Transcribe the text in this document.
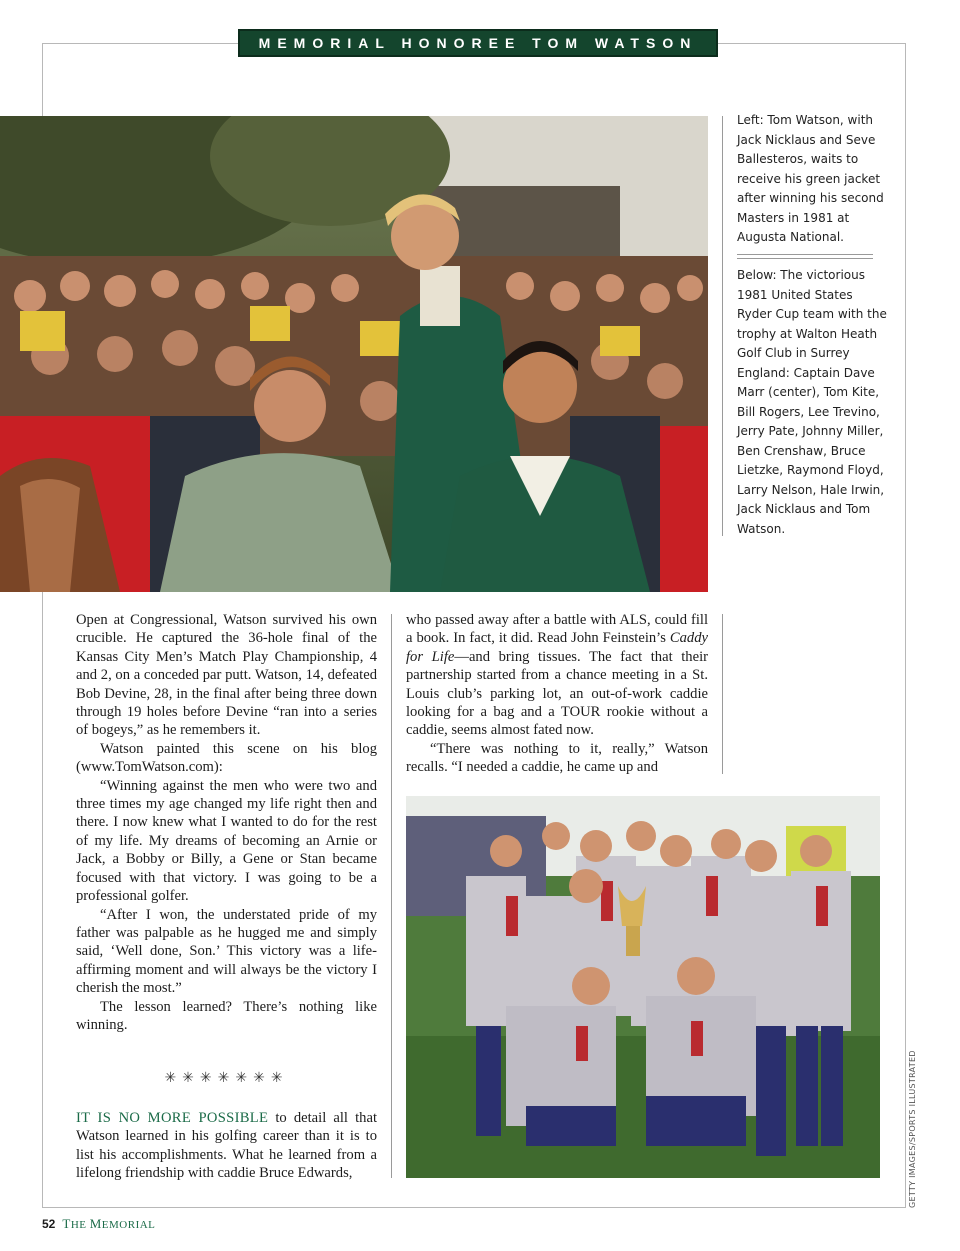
MEMORIAL HONOREE TOM WATSON
Left: Tom Watson, with Jack Nicklaus and Seve Ballesteros, waits to receive his green jacket after winning his second Masters in 1981 at Augusta National.
Below: The victorious 1981 United States Ryder Cup team with the trophy at Walton Heath Golf Club in Surrey England: Captain Dave Marr (center), Tom Kite, Bill Rogers, Lee Trevino, Jerry Pate, Johnny Miller, Ben Crenshaw, Bruce Lietzke, Raymond Floyd, Larry Nelson, Hale Irwin, Jack Nicklaus and Tom Watson.

Open at Congressional, Watson survived his own crucible. He captured the 36-hole final of the Kansas City Men’s Match Play Championship, 4 and 2, on a conceded par putt. Watson, 14, defeated Bob Devine, 28, in the final after being three down through 19 holes before Devine “ran into a series of bogeys,” as he remembers it.

Watson painted this scene on his blog (www.TomWatson.com):

“Winning against the men who were two and three times my age changed my life right then and there. I now knew what I wanted to do for the rest of my life. My dreams of becoming an Arnie or Jack, a Bobby or Billy, a Gene or Stan became focused with that victory. I was going to be a professional golfer.

“After I won, the understated pride of my father was palpable as he hugged me and simply said, ‘Well done, Son.’ This victory was a life-affirming moment and will always be the victory I cherish the most.”

The lesson learned? There’s nothing like winning.

✳✳✳✳✳✳✳

IT IS NO MORE POSSIBLE to detail all that Watson learned in his golfing career than it is to list his accomplishments. What he learned from a lifelong friendship with caddie Bruce Edwards,

who passed away after a battle with ALS, could fill a book. In fact, it did. Read John Feinstein’s Caddy for Life—and bring tissues. The fact that their partnership started from a chance meeting in a St. Louis club’s parking lot, an out-of-work caddie looking for a bag and a TOUR rookie without a caddie, seems almost fated now.

“There was nothing to it, really,” Watson recalls. “I needed a caddie, he came up and

GETTY IMAGES/SPORTS ILLUSTRATED
52 THE MEMORIAL
